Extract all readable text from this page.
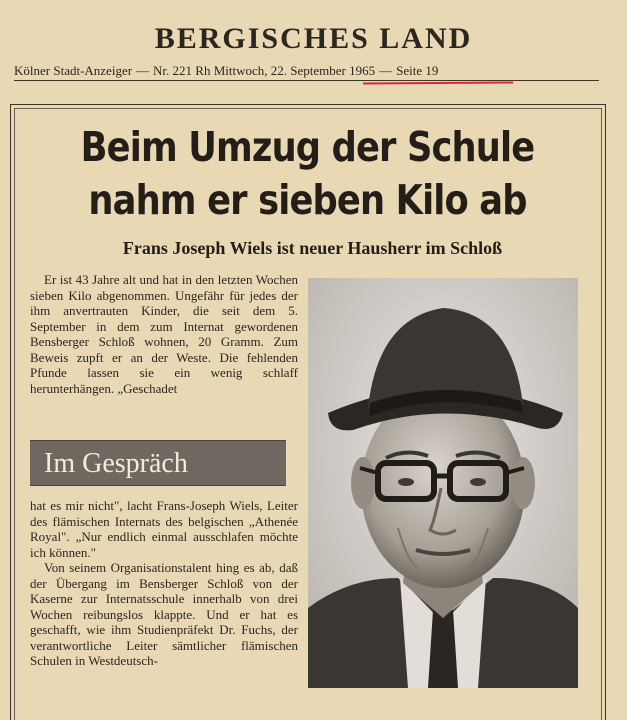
BERGISCHES LAND
Kölner Stadt-Anzeiger — Nr. 221 Rh Mittwoch, 22. September 1965 — Seite 19
Beim Umzug der Schule
nahm er sieben Kilo ab
Frans Joseph Wiels ist neuer Hausherr im Schloß

Er ist 43 Jahre alt und hat in den letzten Wochen sieben Kilo abgenommen. Ungefähr für jedes der ihm anvertrauten Kinder, die seit dem 5. September in dem zum Internat gewordenen Bensberger Schloß wohnen, 20 Gramm. Zum Beweis zupft er an der Weste. Die fehlenden Pfunde lassen sie ein wenig schlaff herunterhängen. „Geschadet

Im Gespräch

hat es mir nicht", lacht Frans-Joseph Wiels, Leiter des flämischen Internats des belgischen „Athenée Royal". „Nur endlich einmal ausschlafen möchte ich können."

Von seinem Organisationstalent hing es ab, daß der Übergang im Bensberger Schloß von der Kaserne zur Internatsschule innerhalb von drei Wochen reibungslos klappte. Und er hat es geschafft, wie ihm Studienpräfekt Dr. Fuchs, der verantwortliche Leiter sämtlicher flämischen Schulen in Westdeutsch-
